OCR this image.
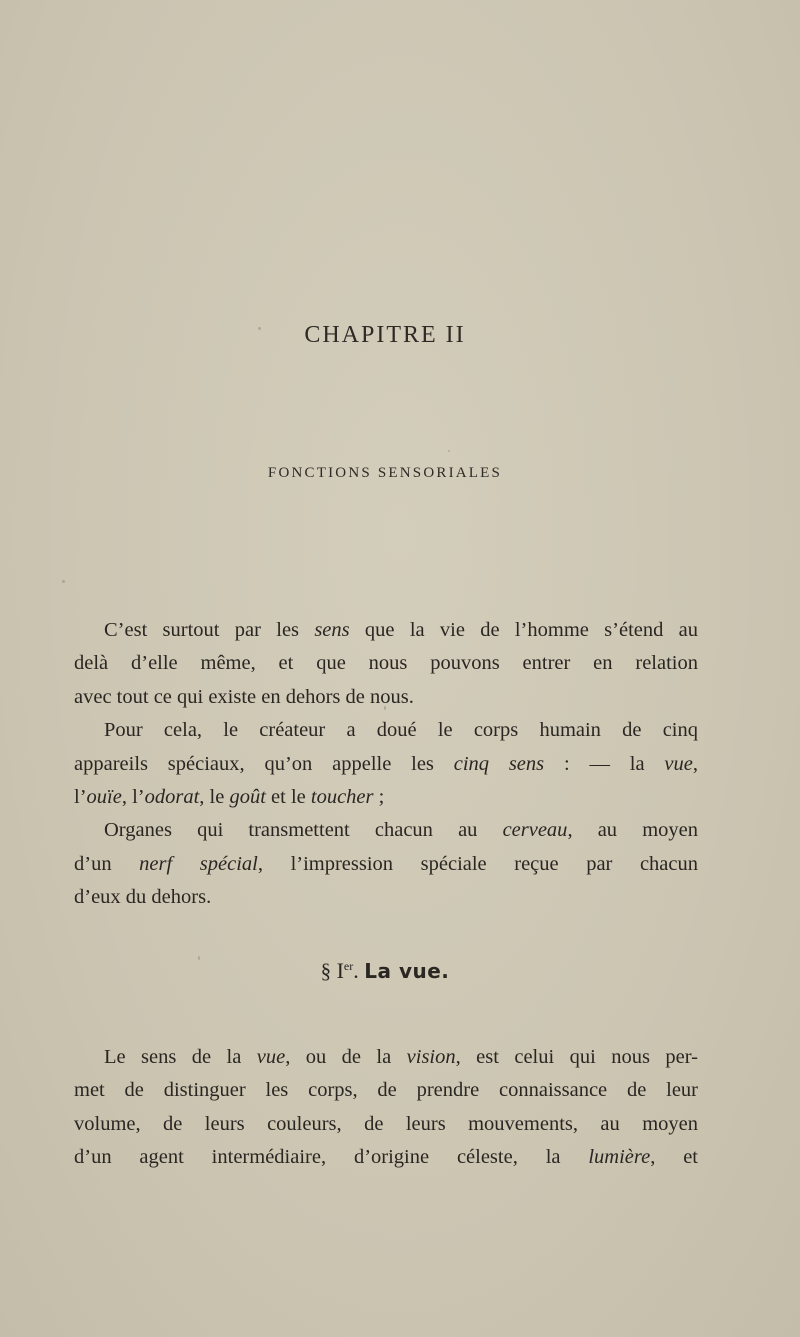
CHAPITRE II
FONCTIONS SENSORIALES
C’est surtout par les sens que la vie de l’homme s’étend au
delà d’elle même, et que nous pouvons entrer en relation
avec tout ce qui existe en dehors de nous.
Pour cela, le créateur a doué le corps humain de cinq
appareils spéciaux, qu’on appelle les cinq sens : — la vue,
l’ouïe, l’odorat, le goût et le toucher ;
Organes qui transmettent chacun au cerveau, au moyen
d’un nerf spécial, l’impression spéciale reçue par chacun
d’eux du dehors.
§ Ier. La vue.
Le sens de la vue, ou de la vision, est celui qui nous per-
met de distinguer les corps, de prendre connaissance de leur
volume, de leurs couleurs, de leurs mouvements, au moyen
d’un agent intermédiaire, d’origine céleste, la lumière, et
